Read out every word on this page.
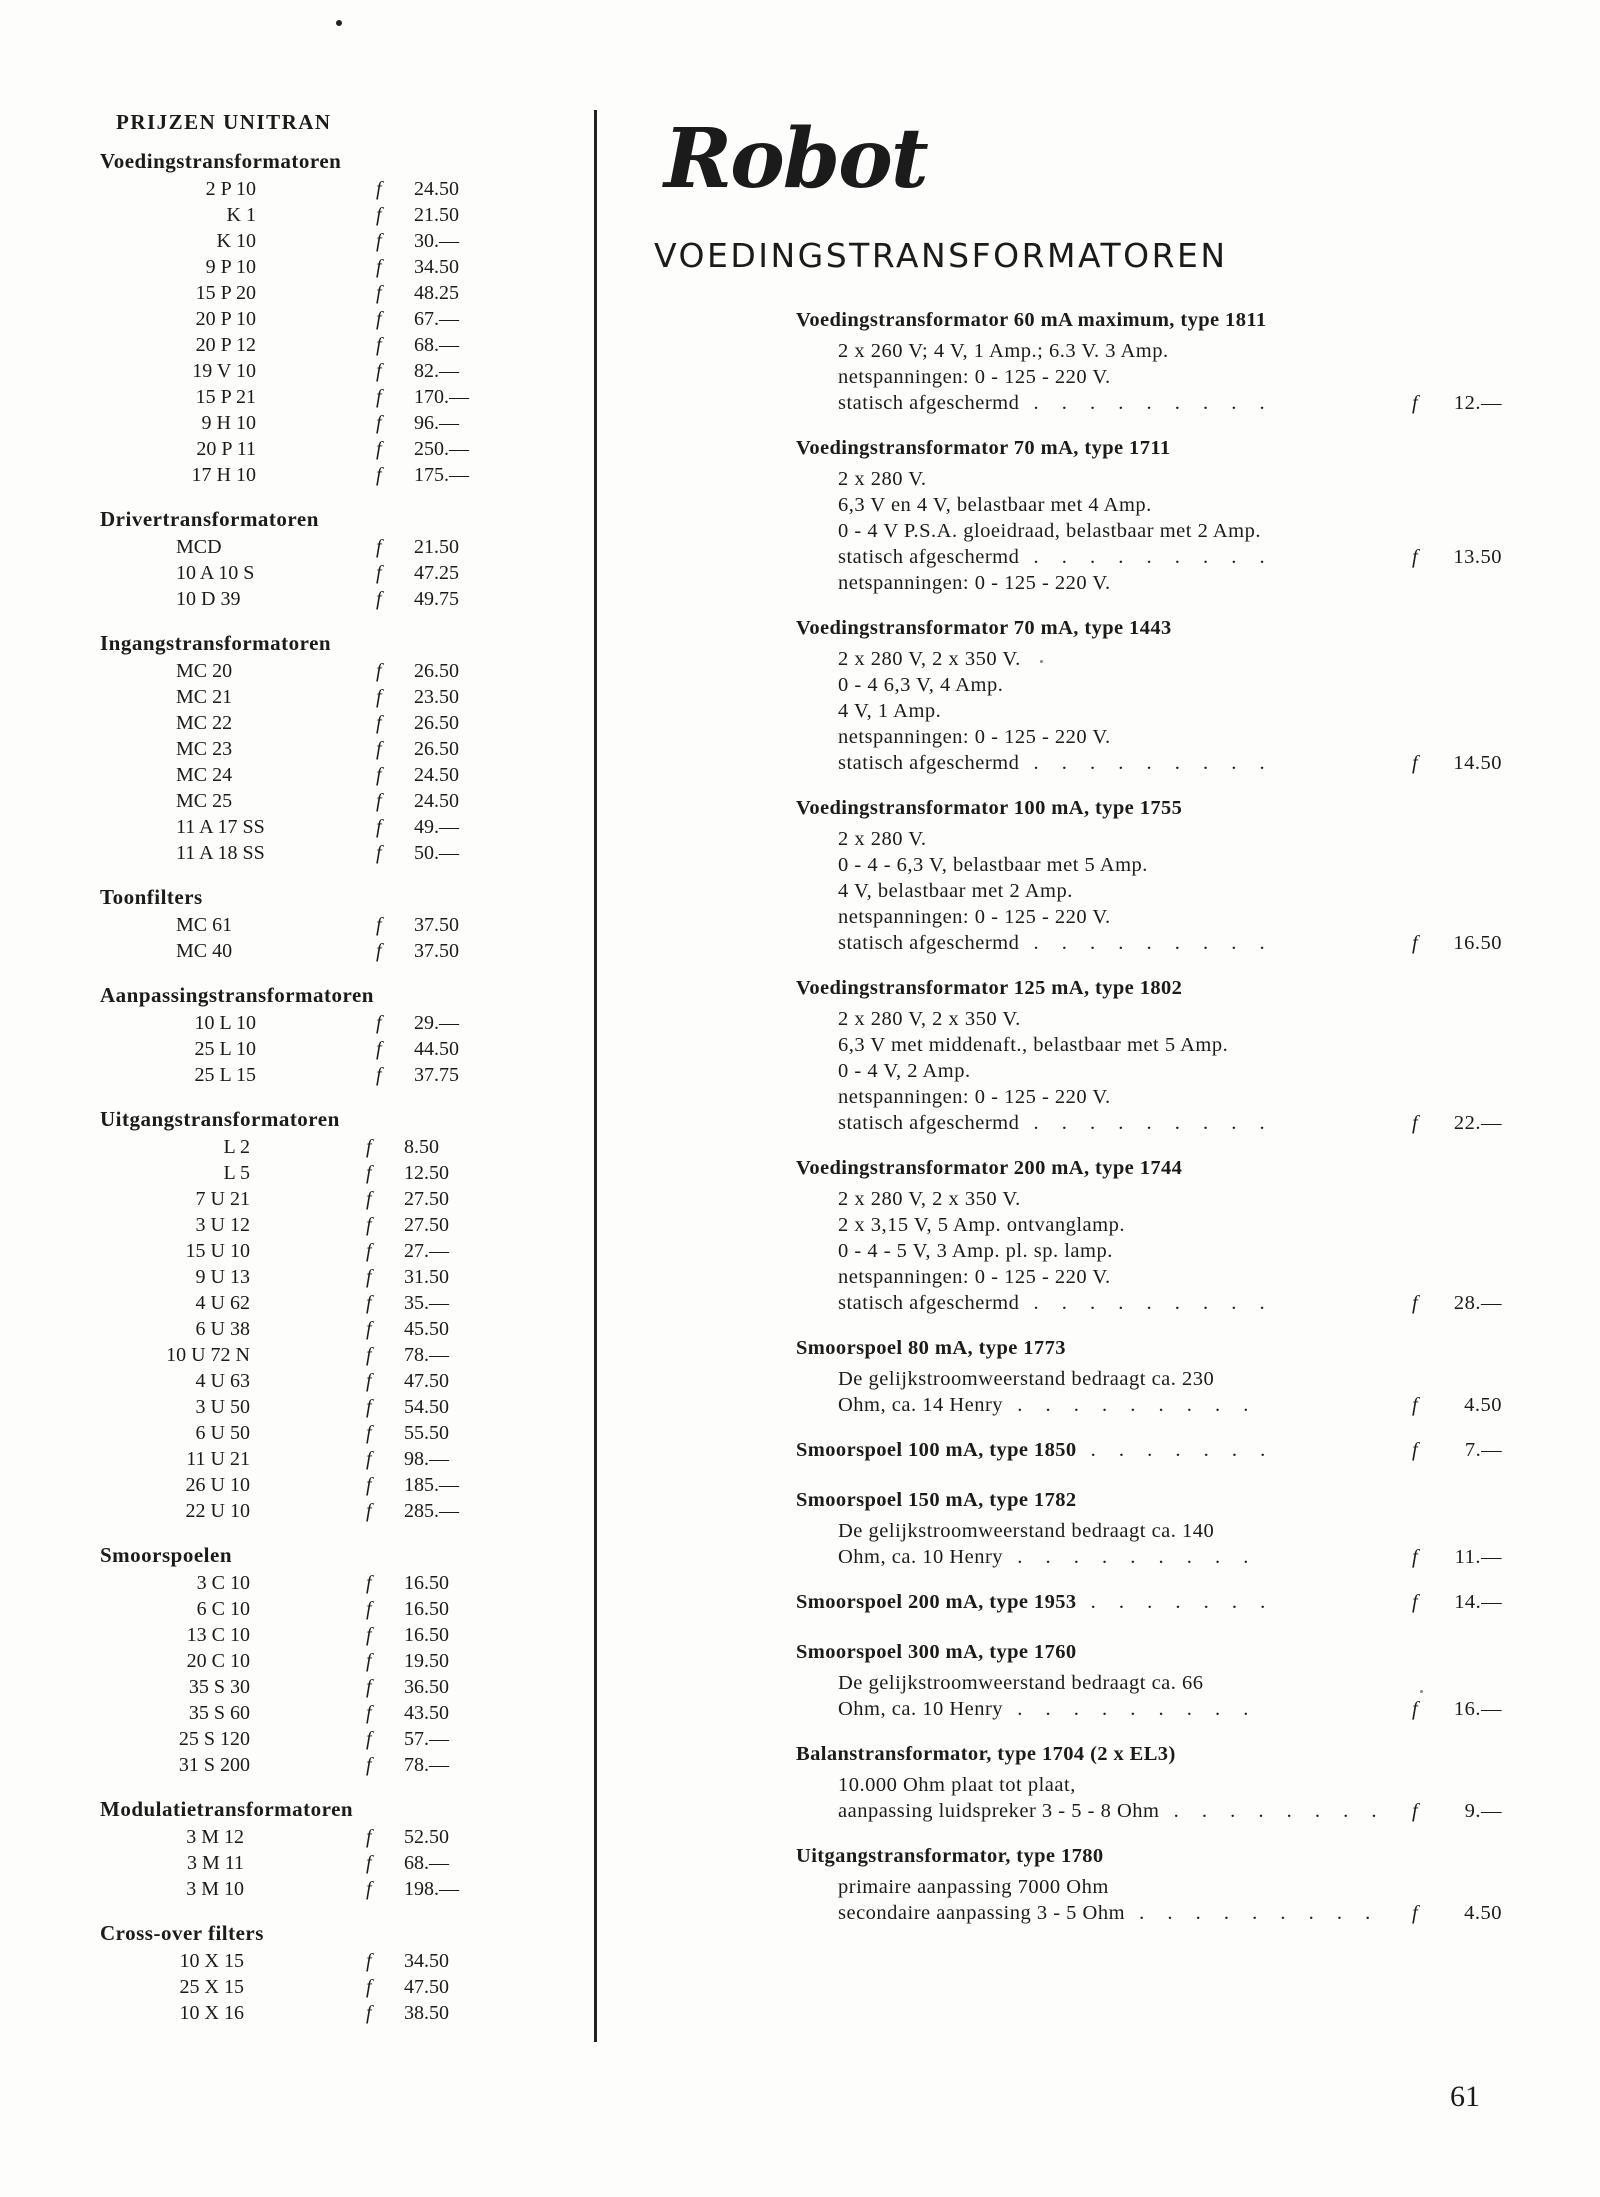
PRIJZEN UNITRAN
Voedingstransformatoren
2 P 10	f 24.50
K 1	f 21.50
K 10	f 30.—
9 P 10	f 34.50
15 P 20	f 48.25
20 P 10	f 67.—
20 P 12	f 68.—
19 V 10	f 82.—
15 P 21	f 170.—
9 H 10	f 96.—
20 P 11	f 250.—
17 H 10	f 175.—
Drivertransformatoren
MCD	f 21.50
10 A 10 S	f 47.25
10 D 39	f 49.75
Ingangstransformatoren
MC 20	f 26.50
MC 21	f 23.50
MC 22	f 26.50
MC 23	f 26.50
MC 24	f 24.50
MC 25	f 24.50
11 A 17 SS	f 49.—
11 A 18 SS	f 50.—
Toonfilters
MC 61	f 37.50
MC 40	f 37.50
Aanpassingstransformatoren
10 L 10	f 29.—
25 L 10	f 44.50
25 L 15	f 37.75
Uitgangstransformatoren
L 2	f 8.50
L 5	f 12.50
7 U 21	f 27.50
3 U 12	f 27.50
15 U 10	f 27.—
9 U 13	f 31.50
4 U 62	f 35.—
6 U 38	f 45.50
10 U 72 N	f 78.—
4 U 63	f 47.50
3 U 50	f 54.50
6 U 50	f 55.50
11 U 21	f 98.—
26 U 10	f 185.—
22 U 10	f 285.—
Smoorspoelen
3 C 10	f 16.50
6 C 10	f 16.50
13 C 10	f 16.50
20 C 10	f 19.50
35 S 30	f 36.50
35 S 60	f 43.50
25 S 120	f 57.—
31 S 200	f 78.—
Modulatietransformatoren
3 M 12	f 52.50
3 M 11	f 68.—
3 M 10	f 198.—
Cross-over filters
10 X 15	f 34.50
25 X 15	f 47.50
10 X 16	f 38.50
Robot
VOEDINGSTRANSFORMATOREN
Voedingstransformator 60 mA maximum, type 1811
2 x 260 V; 4 V, 1 Amp.; 6.3 V. 3 Amp.
netspanningen: 0 - 125 - 220 V.
statisch afgeschermd . . . . . . . . .	f	12.—
Voedingstransformator 70 mA, type 1711
2 x 280 V.
6,3 V en 4 V, belastbaar met 4 Amp.
0 - 4 V P.S.A. gloeidraad, belastbaar met 2 Amp.
statisch afgeschermd . . . . . . . . .	f	13.50
netspanningen: 0 - 125 - 220 V.
Voedingstransformator 70 mA, type 1443
2 x 280 V, 2 x 350 V.
0 - 4 6,3 V, 4 Amp.
4 V, 1 Amp.
netspanningen: 0 - 125 - 220 V.
statisch afgeschermd . . . . . . . . .	f	14.50
Voedingstransformator 100 mA, type 1755
2 x 280 V.
0 - 4 - 6,3 V, belastbaar met 5 Amp.
4 V, belastbaar met 2 Amp.
netspanningen: 0 - 125 - 220 V.
statisch afgeschermd . . . . . . . . .	f	16.50
Voedingstransformator 125 mA, type 1802
2 x 280 V, 2 x 350 V.
6,3 V met middenaft., belastbaar met 5 Amp.
0 - 4 V, 2 Amp.
netspanningen: 0 - 125 - 220 V.
statisch afgeschermd . . . . . . . . .	f	22.—
Voedingstransformator 200 mA, type 1744
2 x 280 V, 2 x 350 V.
2 x 3,15 V, 5 Amp. ontvanglamp.
0 - 4 - 5 V, 3 Amp. pl. sp. lamp.
netspanningen: 0 - 125 - 220 V.
statisch afgeschermd . . . . . . . . .	f	28.—
Smoorspoel 80 mA, type 1773
De gelijkstroomweerstand bedraagt ca. 230
Ohm, ca. 14 Henry . . . . . . . . .	f	4.50
Smoorspoel 100 mA, type 1850 . . . . . . .	f	7.—
Smoorspoel 150 mA, type 1782
De gelijkstroomweerstand bedraagt ca. 140
Ohm, ca. 10 Henry . . . . . . . . .	f	11.—
Smoorspoel 200 mA, type 1953 . . . . . . .	f	14.—
Smoorspoel 300 mA, type 1760
De gelijkstroomweerstand bedraagt ca. 66
Ohm, ca. 10 Henry . . . . . . . . .	f	16.—
Balanstransformator, type 1704 (2 x EL3)
10.000 Ohm plaat tot plaat,
aanpassing luidspreker 3 - 5 - 8 Ohm . . . . . . . . f	9.—
Uitgangstransformator, type 1780
primaire aanpassing 7000 Ohm
secondaire aanpassing 3 - 5 Ohm . . . . . . . . . f	4.50
61
